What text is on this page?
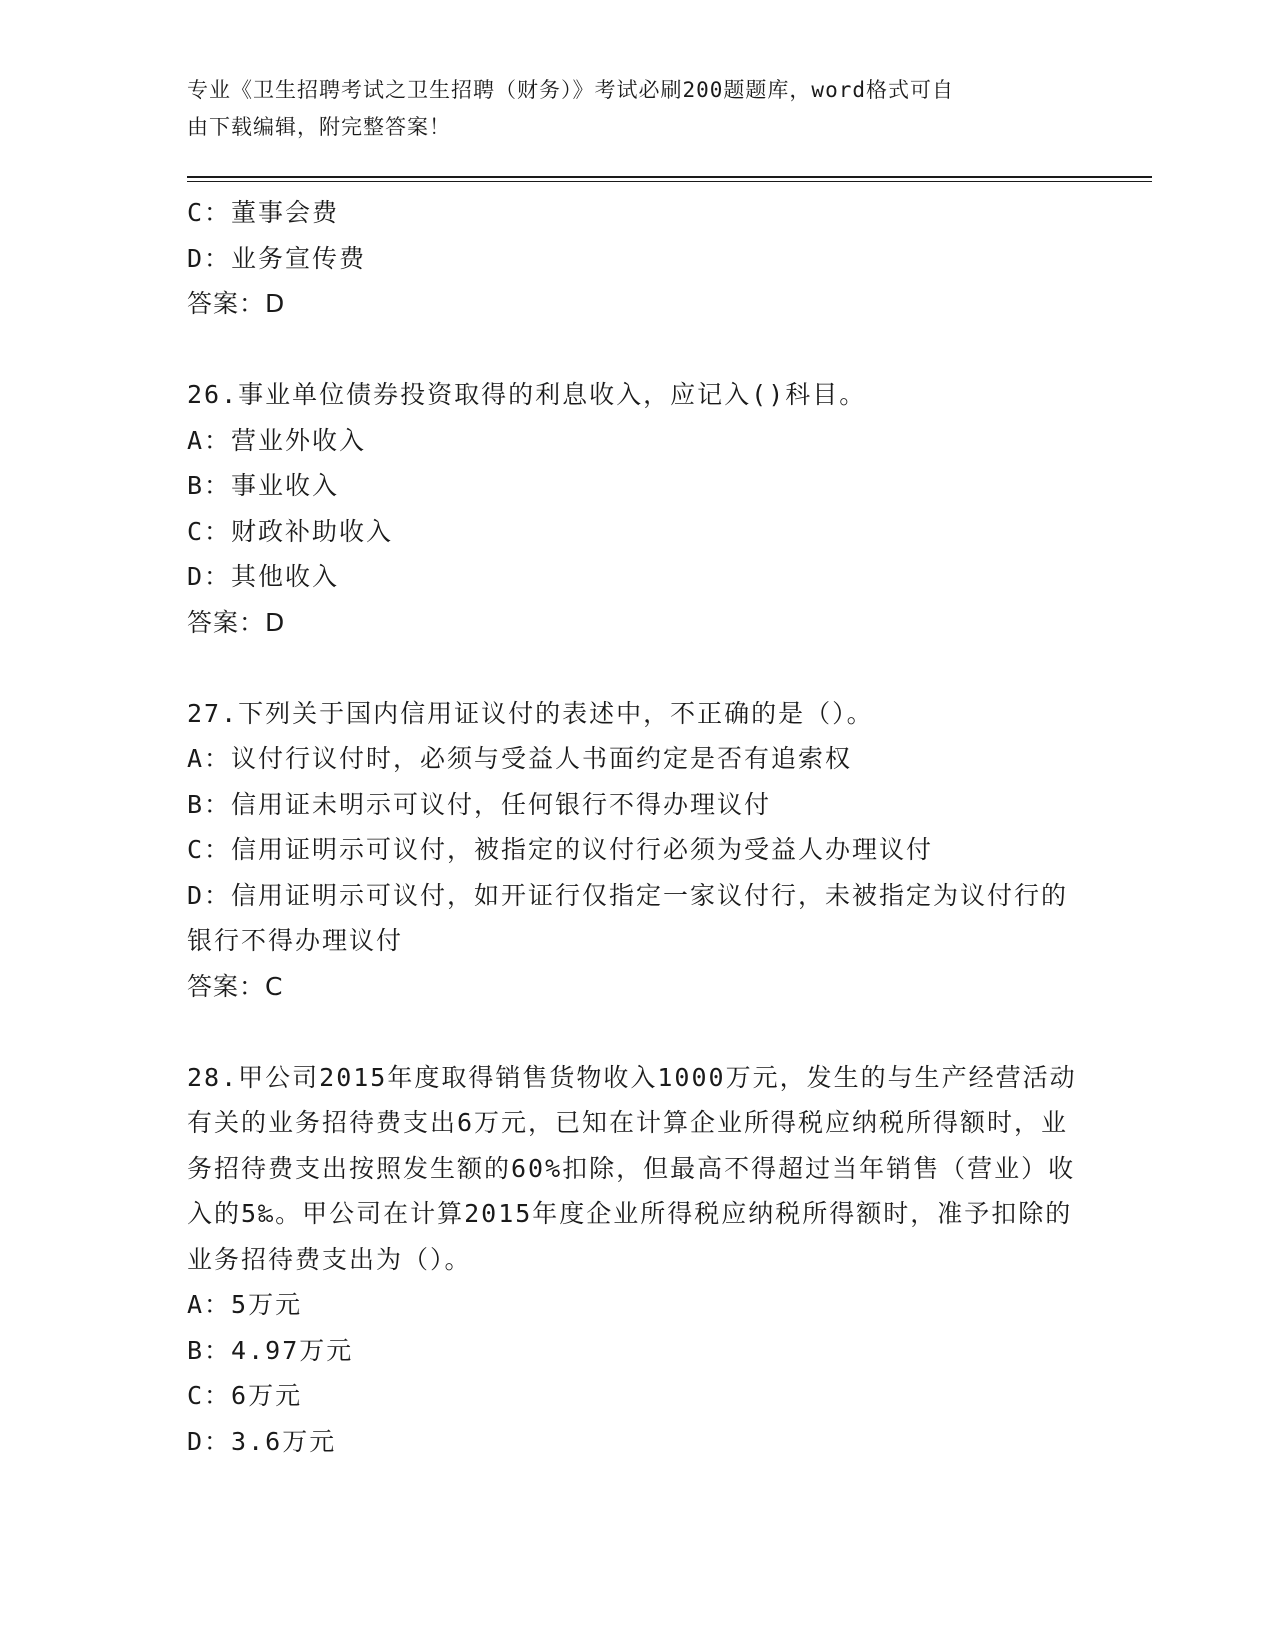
专业《卫生招聘考试之卫生招聘（财务）》考试必刷200题题库，word格式可自
由下载编辑，附完整答案！

C：董事会费

D：业务宣传费

答案：D

26.事业单位债券投资取得的利息收入，应记入()科目。

A：营业外收入

B：事业收入

C：财政补助收入

D：其他收入

答案：D

27.下列关于国内信用证议付的表述中，不正确的是（）。

A：议付行议付时，必须与受益人书面约定是否有追索权

B：信用证未明示可议付，任何银行不得办理议付

C：信用证明示可议付，被指定的议付行必须为受益人办理议付

D：信用证明示可议付，如开证行仅指定一家议付行，未被指定为议付行的银行不得办理议付

答案：C

28.甲公司2015年度取得销售货物收入1000万元，发生的与生产经营活动有关的业务招待费支出6万元，已知在计算企业所得税应纳税所得额时，业务招待费支出按照发生额的60%扣除，但最高不得超过当年销售（营业）收入的5‰。甲公司在计算2015年度企业所得税应纳税所得额时，准予扣除的业务招待费支出为（）。

A：5万元

B：4.97万元

C：6万元

D：3.6万元
